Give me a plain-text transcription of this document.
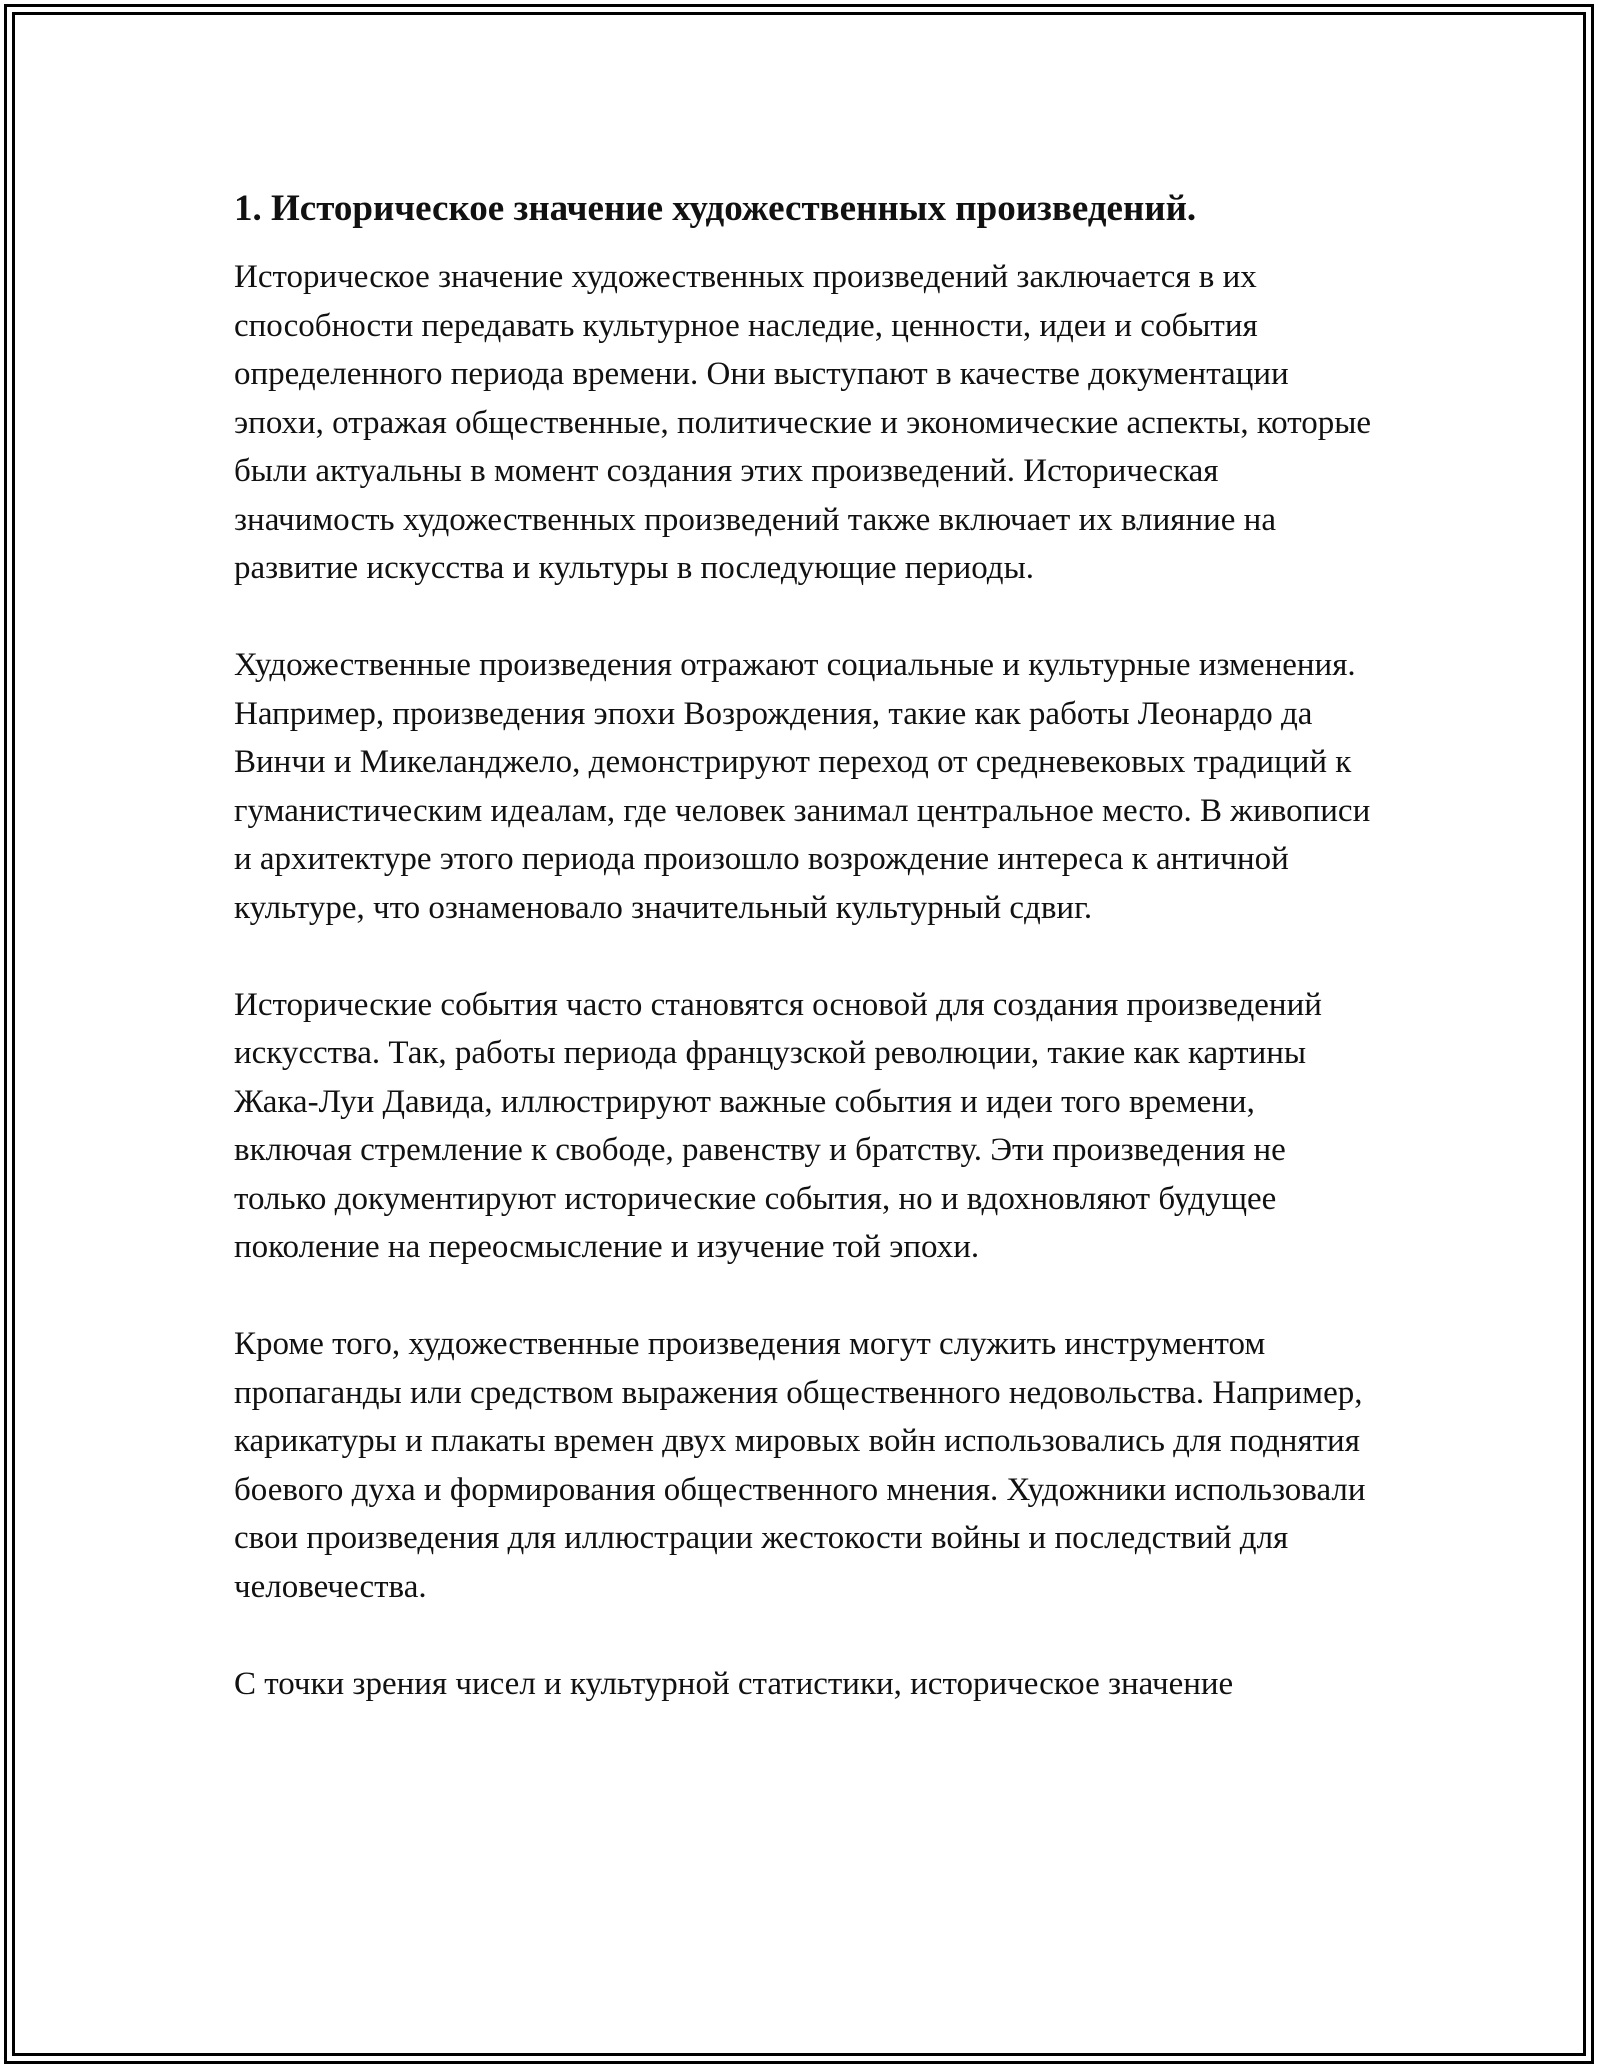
1. Историческое значение художественных произведений.

Историческое значение художественных произведений заключается в их способности передавать культурное наследие, ценности, идеи и события определенного периода времени. Они выступают в качестве документации эпохи, отражая общественные, политические и экономические аспекты, которые были актуальны в момент создания этих произведений. Историческая значимость художественных произведений также включает их влияние на развитие искусства и культуры в последующие периоды.

Художественные произведения отражают социальные и культурные изменения. Например, произведения эпохи Возрождения, такие как работы Леонардо да Винчи и Микеланджело, демонстрируют переход от средневековых традиций к гуманистическим идеалам, где человек занимал центральное место. В живописи и архитектуре этого периода произошло возрождение интереса к античной культуре, что ознаменовало значительный культурный сдвиг.

Исторические события часто становятся основой для создания произведений искусства. Так, работы периода французской революции, такие как картины Жака-Луи Давида, иллюстрируют важные события и идеи того времени, включая стремление к свободе, равенству и братству. Эти произведения не только документируют исторические события, но и вдохновляют будущее поколение на переосмысление и изучение той эпохи.

Кроме того, художественные произведения могут служить инструментом пропаганды или средством выражения общественного недовольства. Например, карикатуры и плакаты времен двух мировых войн использовались для поднятия боевого духа и формирования общественного мнения. Художники использовали свои произведения для иллюстрации жестокости войны и последствий для человечества.

С точки зрения чисел и культурной статистики, историческое значение
